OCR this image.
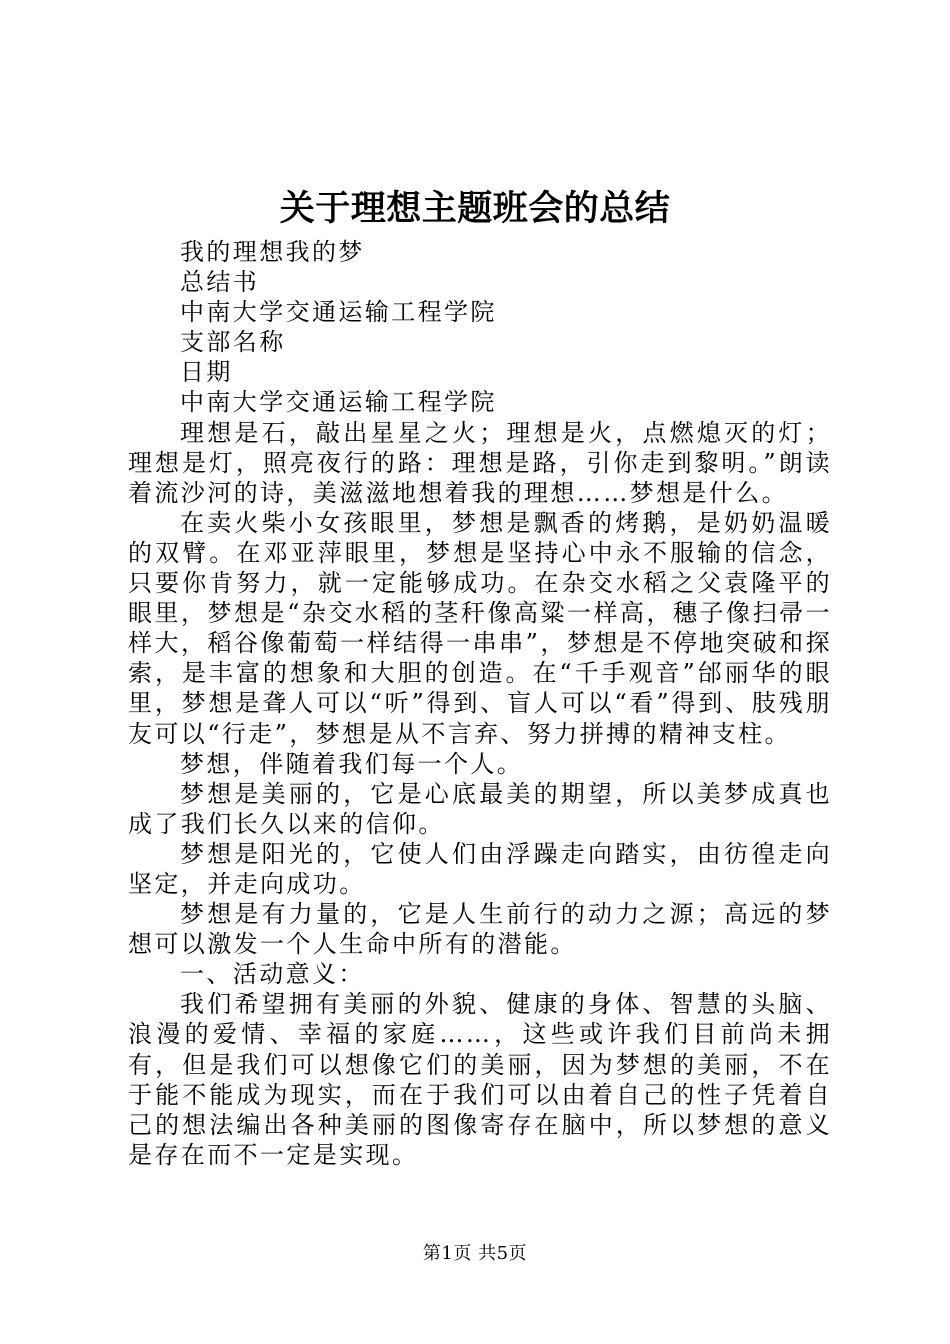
关于理想主题班会的总结

我的理想我的梦

总结书

中南大学交通运输工程学院

支部名称

日期

中南大学交通运输工程学院

理想是石，敲出星星之火；理想是火，点燃熄灭的灯；理想是灯，照亮夜行的路：理想是路，引你走到黎明。”朗读着流沙河的诗，美滋滋地想着我的理想……梦想是什么。

在卖火柴小女孩眼里，梦想是飘香的烤鹅，是奶奶温暖的双臂。在邓亚萍眼里，梦想是坚持心中永不服输的信念，只要你肯努力，就一定能够成功。在杂交水稻之父袁隆平的眼里，梦想是“杂交水稻的茎秆像高粱一样高，穗子像扫帚一样大，稻谷像葡萄一样结得一串串”，梦想是不停地突破和探索，是丰富的想象和大胆的创造。在“千手观音”邰丽华的眼里，梦想是聋人可以“听”得到、盲人可以“看”得到、肢残朋友可以“行走”，梦想是从不言弃、努力拼搏的精神支柱。

梦想，伴随着我们每一个人。

梦想是美丽的，它是心底最美的期望，所以美梦成真也成了我们长久以来的信仰。

梦想是阳光的，它使人们由浮躁走向踏实，由彷徨走向坚定，并走向成功。

梦想是有力量的，它是人生前行的动力之源；高远的梦想可以激发一个人生命中所有的潜能。

一、活动意义：

我们希望拥有美丽的外貌、健康的身体、智慧的头脑、浪漫的爱情、幸福的家庭……，这些或许我们目前尚未拥有，但是我们可以想像它们的美丽，因为梦想的美丽，不在于能不能成为现实，而在于我们可以由着自己的性子凭着自己的想法编出各种美丽的图像寄存在脑中，所以梦想的意义是存在而不一定是实现。

第1页 共5页
